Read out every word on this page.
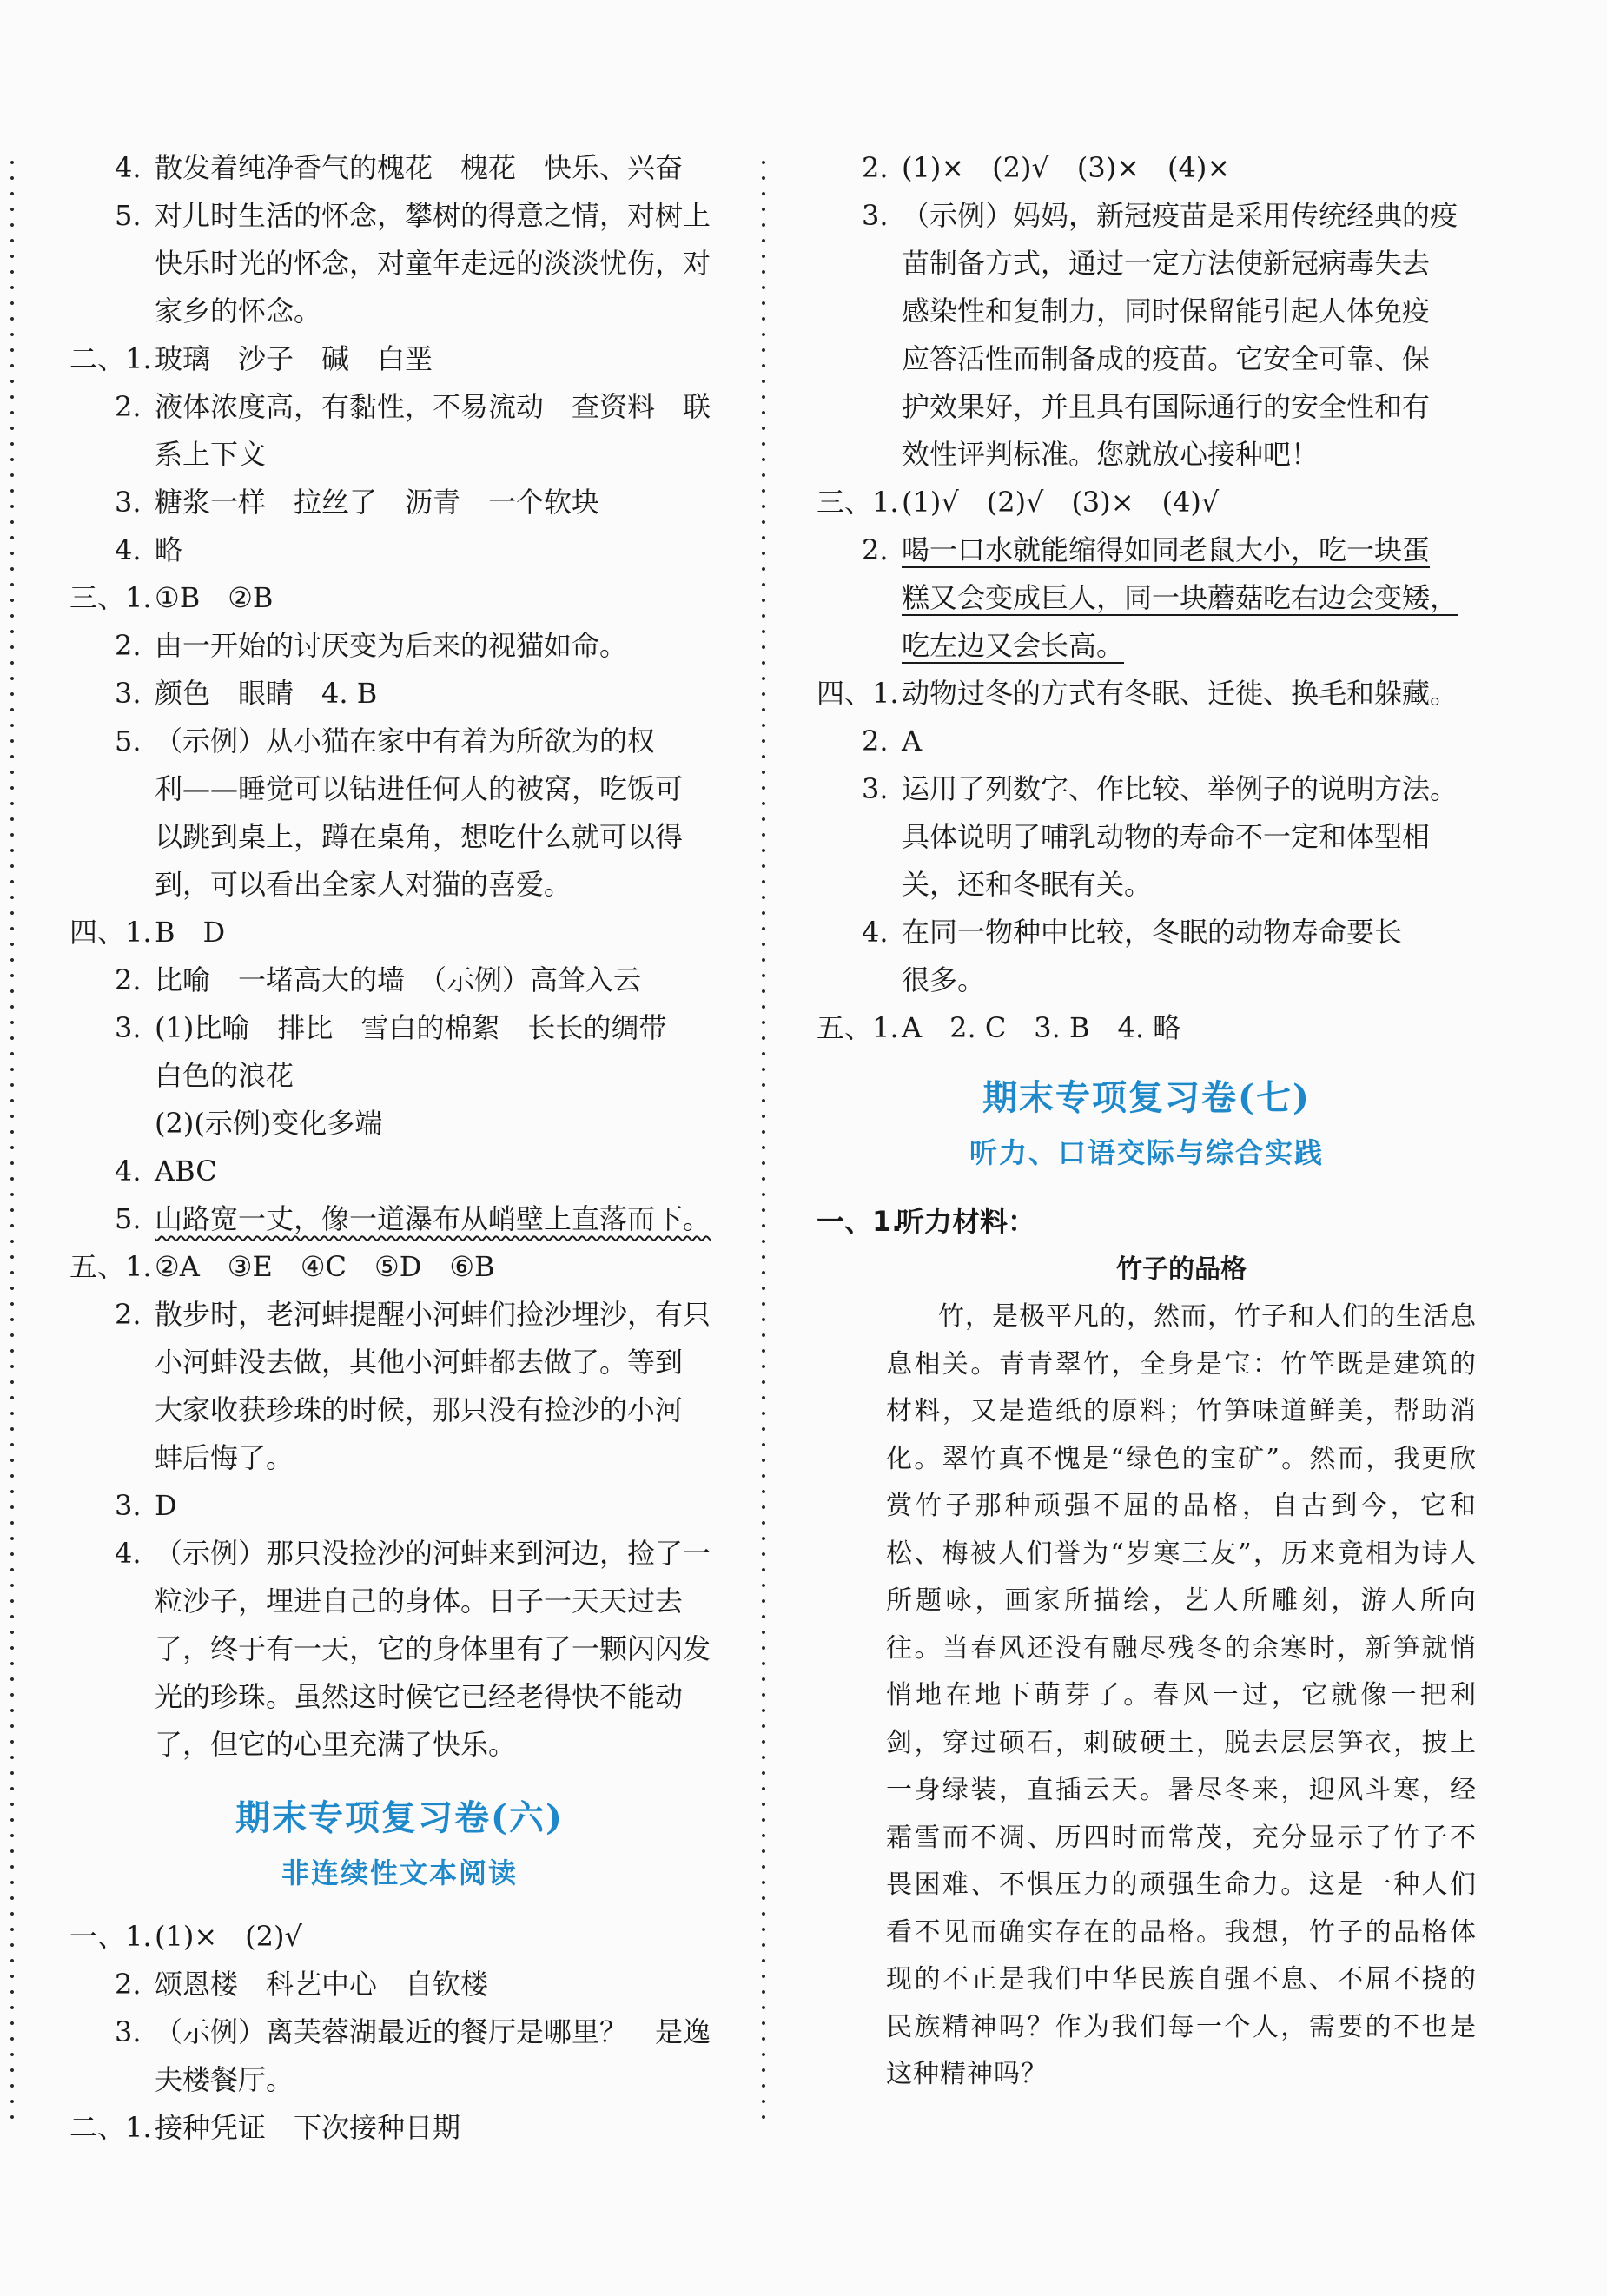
4. 散发着纯净香气的槐花　槐花　快乐、兴奋
5. 对儿时生活的怀念，攀树的得意之情，对树上
快乐时光的怀念，对童年走远的淡淡忧伤，对
家乡的怀念。
二、1. 玻璃　沙子　碱　白垩
2. 液体浓度高，有黏性，不易流动　查资料　联
系上下文
3. 糖浆一样　拉丝了　沥青　一个软块
4. 略
三、1. ①B　②B
2. 由一开始的讨厌变为后来的视猫如命。
3. 颜色　眼睛　4. B
5. （示例）从小猫在家中有着为所欲为的权
利——睡觉可以钻进任何人的被窝，吃饭可
以跳到桌上，蹲在桌角，想吃什么就可以得
到，可以看出全家人对猫的喜爱。
四、1. B　D
2. 比喻　一堵高大的墙　（示例）高耸入云
3. (1)比喻　排比　雪白的棉絮　长长的绸带
白色的浪花
(2)(示例)变化多端
4. ABC
5. 山路宽一丈，像一道瀑布从峭壁上直落而下。
五、1. ②A　③E　④C　⑤D　⑥B
2. 散步时，老河蚌提醒小河蚌们捡沙埋沙，有只
小河蚌没去做，其他小河蚌都去做了。等到
大家收获珍珠的时候，那只没有捡沙的小河
蚌后悔了。
3. D
4. （示例）那只没捡沙的河蚌来到河边，捡了一
粒沙子，埋进自己的身体。日子一天天过去
了，终于有一天，它的身体里有了一颗闪闪发
光的珍珠。虽然这时候它已经老得快不能动
了，但它的心里充满了快乐。
期末专项复习卷(六)
非连续性文本阅读
一、1. (1)×　(2)√
2. 颂恩楼　科艺中心　自钦楼
3. （示例）离芙蓉湖最近的餐厅是哪里？　是逸
夫楼餐厅。
二、1. 接种凭证　下次接种日期
2. (1)×　(2)√　(3)×　(4)×
3. （示例）妈妈，新冠疫苗是采用传统经典的疫
苗制备方式，通过一定方法使新冠病毒失去
感染性和复制力，同时保留能引起人体免疫
应答活性而制备成的疫苗。它安全可靠、保
护效果好，并且具有国际通行的安全性和有
效性评判标准。您就放心接种吧！
三、1. (1)√　(2)√　(3)×　(4)√
2. 喝一口水就能缩得如同老鼠大小，吃一块蛋
糕又会变成巨人，同一块蘑菇吃右边会变矮，
吃左边又会长高。
四、1. 动物过冬的方式有冬眠、迁徙、换毛和躲藏。
2. A
3. 运用了列数字、作比较、举例子的说明方法。
具体说明了哺乳动物的寿命不一定和体型相
关，还和冬眠有关。
4. 在同一物种中比较，冬眠的动物寿命要长
很多。
五、1. A　2. C　3. B　4. 略
期末专项复习卷(七)
听力、口语交际与综合实践
一、1.
听力材料：
竹子的品格

竹，是极平凡的，然而，竹子和人们的生活息息相关。青青翠竹，全身是宝：竹竿既是建筑的材料，又是造纸的原料；竹笋味道鲜美，帮助消化。翠竹真不愧是“绿色的宝矿”。然而，我更欣赏竹子那种顽强不屈的品格，自古到今，它和松、梅被人们誉为“岁寒三友”，历来竟相为诗人所题咏，画家所描绘，艺人所雕刻，游人所向往。当春风还没有融尽残冬的余寒时，新笋就悄悄地在地下萌芽了。春风一过，它就像一把利剑，穿过硕石，刺破硬土，脱去层层笋衣，披上一身绿装，直插云天。暑尽冬来，迎风斗寒，经霜雪而不凋、历四时而常茂，充分显示了竹子不畏困难、不惧压力的顽强生命力。这是一种人们看不见而确实存在的品格。我想，竹子的品格体现的不正是我们中华民族自强不息、不屈不挠的民族精神吗？作为我们每一个人，需要的不也是这种精神吗？
